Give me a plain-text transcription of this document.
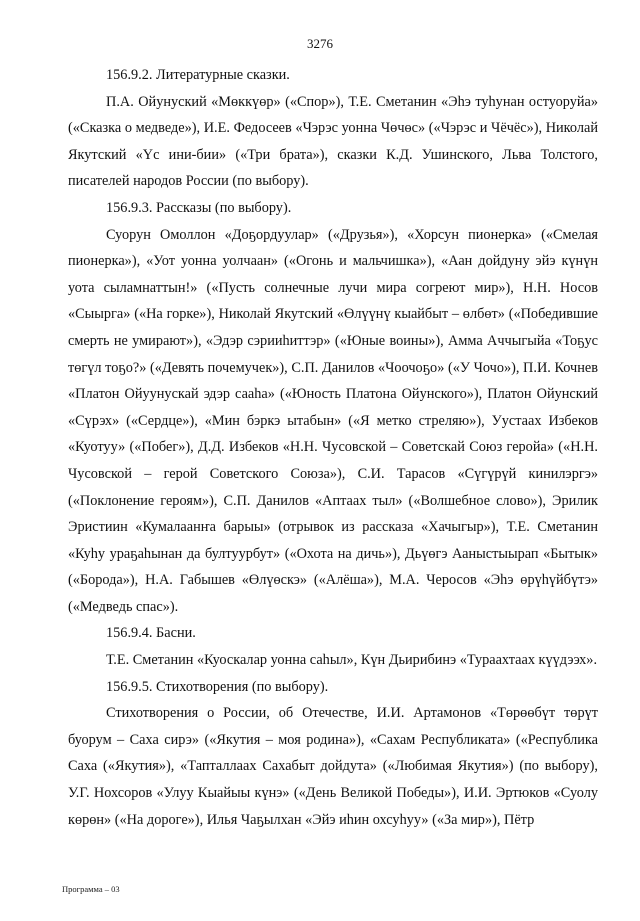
3276

156.9.2. Литературные сказки.

П.А. Ойунуский «Мөккүөр» («Спор»), Т.Е. Сметанин «Эһэ туһунан остуоруйа» («Сказка о медведе»), И.Е. Федосеев «Чэрэс уонна Чөчөс» («Чэрэс и Чёчёс»), Николай Якутский «Үс ини-бии» («Три брата»), сказки К.Д. Ушинского, Льва Толстого, писателей народов России (по выбору).

156.9.3. Рассказы (по выбору).

Суорун Омоллон «Доҕордуулар» («Друзья»), «Хорсун пионерка» («Смелая пионерка»), «Уот уонна уолчаан» («Огонь и мальчишка»), «Аан дойдуну эйэ күнүн уота сыламнаттын!» («Пусть солнечные лучи мира согреют мир»), Н.Н. Носов «Сыырга» («На горке»), Николай Якутский «Өлүүнү кыайбыт – өлбөт» («Победившие смерть не умирают»), «Эдэр сэрииһиттэр» («Юные воины»), Амма Аччыгыйа «Тоҕус төгүл тоҕо?» («Девять почемучек»), С.П. Данилов «Чоочоҕо» («У Чочо»), П.И. Кочнев «Платон Ойуунускай эдэр сааһа» («Юность Платона Ойунского»), Платон Ойунский «Сүрэх» («Сердце»), «Мин бэркэ ытабын» («Я метко стреляю»), Уустаах Избеков «Куотуу» («Побег»), Д.Д. Избеков «Н.Н. Чусовской – Советскай Союз геройа» («Н.Н. Чусовской – герой Советского Союза»), С.И. Тарасов «Сүгүрүй кинилэргэ» («Поклонение героям»), С.П. Данилов «Аптаах тыл» («Волшебное слово»), Эрилик Эристиин «Кумалаанҥа барыы» (отрывок из рассказа «Хачыгыр»), Т.Е. Сметанин «Куһу ураҕаһынан да бултуурбут» («Охота на дичь»), Дьүөгэ Ааныстыырап «Бытык» («Борода»), Н.А. Габышев «Өлүөскэ» («Алёша»), М.А. Черосов «Эһэ өрүһүйбүтэ» («Медведь спас»).

156.9.4. Басни.

Т.Е. Сметанин «Куоскалар уонна саһыл», Күн Дьирибинэ «Тураахтаах күүдээх».

156.9.5. Стихотворения (по выбору).

Стихотворения о России, об Отечестве, И.И. Артамонов «Төрөөбүт төрүт буорум – Саха сирэ» («Якутия – моя родина»), «Сахам Республиката» («Республика Саха («Якутия»), «Тапталлаах Сахабыт дойдута» («Любимая Якутия») (по выбору), У.Г. Нохсоров «Улуу Кыайыы күнэ» («День Великой Победы»), И.И. Эртюков «Суолу көрөн» («На дороге»), Илья Чаҕылхан «Эйэ иһин охсуһуу» («За мир»), Пётр

Программа – 03
